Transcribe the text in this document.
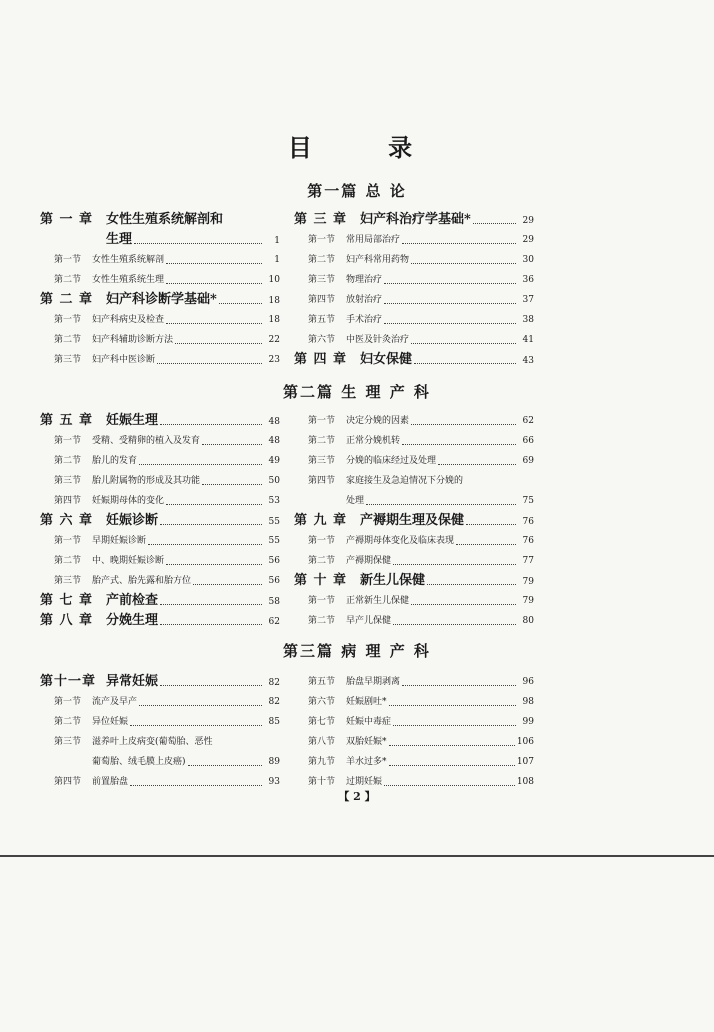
目 录
第一篇 总 论
第 一 章 女性生殖系统解剖和
生理	1
第一节 女性生殖系统解剖	1
第二节 女性生殖系统生理	10
第 二 章 妇产科诊断学基础*	18
第一节 妇产科病史及检查	18
第二节 妇产科辅助诊断方法	22
第三节 妇产科中医诊断	23
第 三 章 妇产科治疗学基础*	29
第一节 常用局部治疗	29
第二节 妇产科常用药物	30
第三节 物理治疗	36
第四节 放射治疗	37
第五节 手术治疗	38
第六节 中医及针灸治疗	41
第 四 章 妇女保健	43
第二篇 生 理 产 科
第 五 章 妊娠生理	48
第一节 受精、受精卵的植入及发育	48
第二节 胎儿的发育	49
第三节 胎儿附属物的形成及其功能	50
第四节 妊娠期母体的变化	53
第 六 章 妊娠诊断	55
第一节 早期妊娠诊断	55
第二节 中、晚期妊娠诊断	56
第三节 胎产式、胎先露和胎方位	56
第 七 章 产前检查	58
第 八 章 分娩生理	62
第一节 决定分娩的因素	62
第二节 正常分娩机转	66
第三节 分娩的临床经过及处理	69
第四节 家庭接生及急迫情况下分娩的
处理	75
第 九 章 产褥期生理及保健	76
第一节 产褥期母体变化及临床表现	76
第二节 产褥期保健	77
第 十 章 新生儿保健	79
第一节 正常新生儿保健	79
第二节 早产儿保健	80
第三篇 病 理 产 科
第十一章 异常妊娠	82
第一节 流产及早产	82
第二节 异位妊娠	85
第三节 滋养叶上皮病变(葡萄胎、恶性
葡萄胎、绒毛膜上皮癌)	89
第四节 前置胎盘	93
第五节 胎盘早期剥离	96
第六节 妊娠剧吐*	98
第七节 妊娠中毒症	99
第八节 双胎妊娠*	106
第九节 羊水过多*	107
第十节 过期妊娠	108
【 2 】
